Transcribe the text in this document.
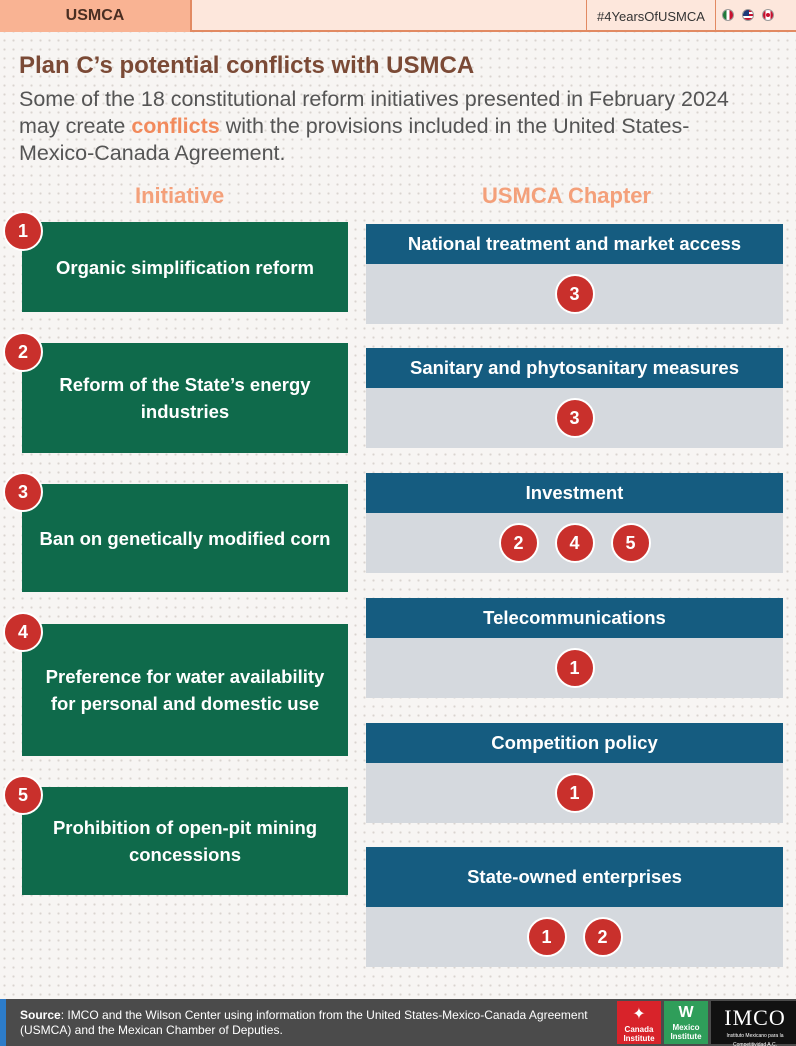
USMCA	#4YearsOfUSMCA
Plan C’s potential conflicts with USMCA
Some of the 18 constitutional reform initiatives presented in February 2024 may create conflicts with the provisions included in the United States-Mexico-Canada Agreement.
Initiative	USMCA Chapter
Organic simplification reform
1
Reform of the State’s energy industries
2
Ban on genetically modified corn
3
Preference for water availability for personal and domestic use
4
Prohibition of open-pit mining concessions
5
National treatment and market access
3
Sanitary and phytosanitary measures
3
Investment
2	4	5
Telecommunications
1
Competition policy
1
State-owned enterprises
1	2
Source: IMCO and the Wilson Center using information from the United States-Mexico-Canada Agreement (USMCA) and the Mexican Chamber of Deputies.
✦
Canada Institute
W
Mexico Institute
IMCO
Instituto Mexicano para la Competitividad A.C.
